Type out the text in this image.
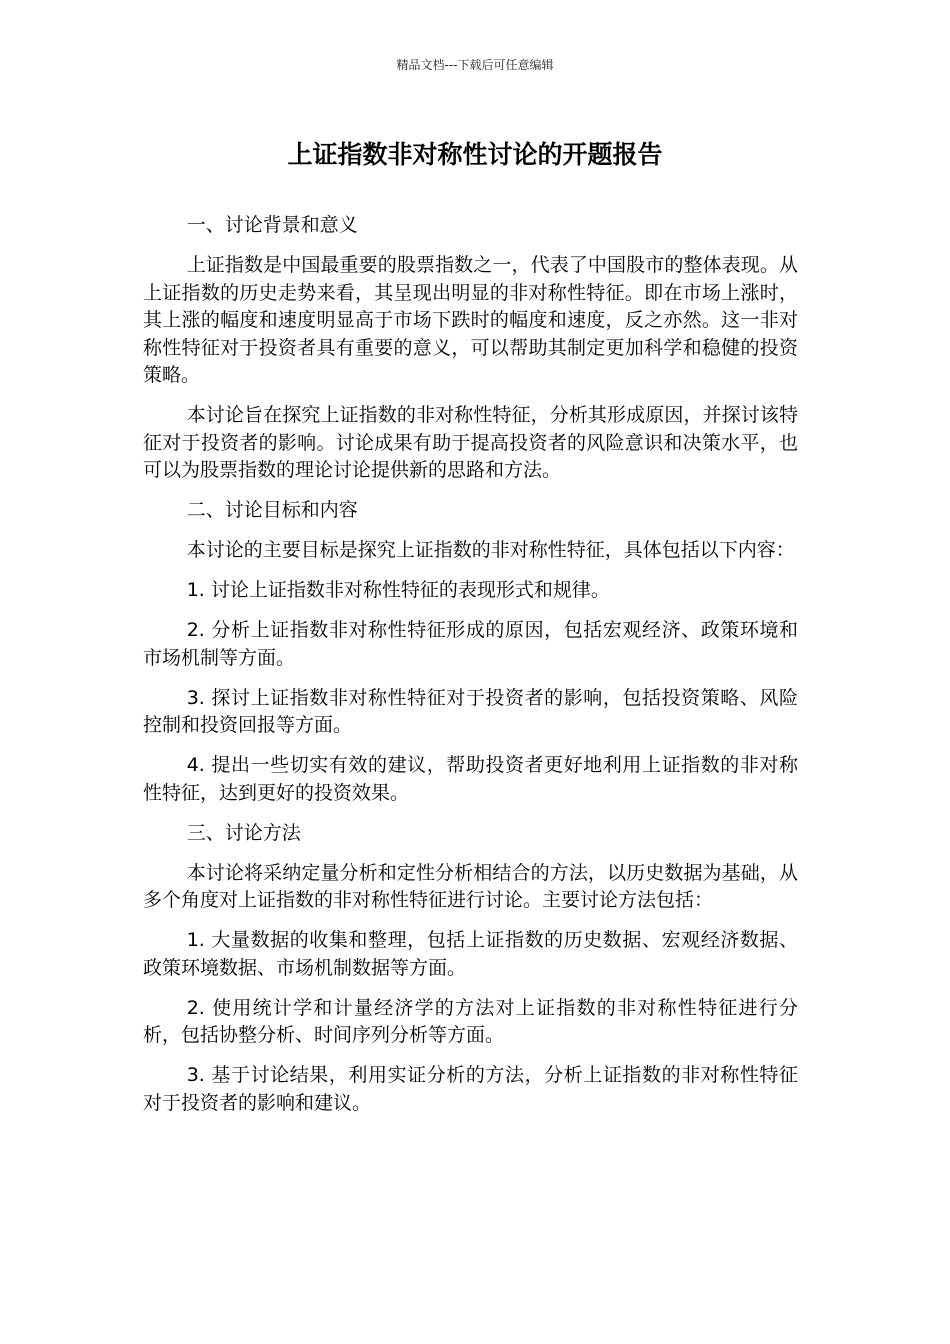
精品文档---下载后可任意编辑
上证指数非对称性讨论的开题报告

一、讨论背景和意义

上证指数是中国最重要的股票指数之一，代表了中国股市的整体表现。从上证指数的历史走势来看，其呈现出明显的非对称性特征。即在市场上涨时，其上涨的幅度和速度明显高于市场下跌时的幅度和速度，反之亦然。这一非对称性特征对于投资者具有重要的意义，可以帮助其制定更加科学和稳健的投资策略。

本讨论旨在探究上证指数的非对称性特征，分析其形成原因，并探讨该特征对于投资者的影响。讨论成果有助于提高投资者的风险意识和决策水平，也可以为股票指数的理论讨论提供新的思路和方法。

二、讨论目标和内容

本讨论的主要目标是探究上证指数的非对称性特征，具体包括以下内容：

1. 讨论上证指数非对称性特征的表现形式和规律。

2. 分析上证指数非对称性特征形成的原因，包括宏观经济、政策环境和市场机制等方面。

3. 探讨上证指数非对称性特征对于投资者的影响，包括投资策略、风险控制和投资回报等方面。

4. 提出一些切实有效的建议，帮助投资者更好地利用上证指数的非对称性特征，达到更好的投资效果。

三、讨论方法

本讨论将采纳定量分析和定性分析相结合的方法，以历史数据为基础，从多个角度对上证指数的非对称性特征进行讨论。主要讨论方法包括：

1. 大量数据的收集和整理，包括上证指数的历史数据、宏观经济数据、政策环境数据、市场机制数据等方面。

2. 使用统计学和计量经济学的方法对上证指数的非对称性特征进行分析，包括协整分析、时间序列分析等方面。

3. 基于讨论结果，利用实证分析的方法，分析上证指数的非对称性特征对于投资者的影响和建议。
